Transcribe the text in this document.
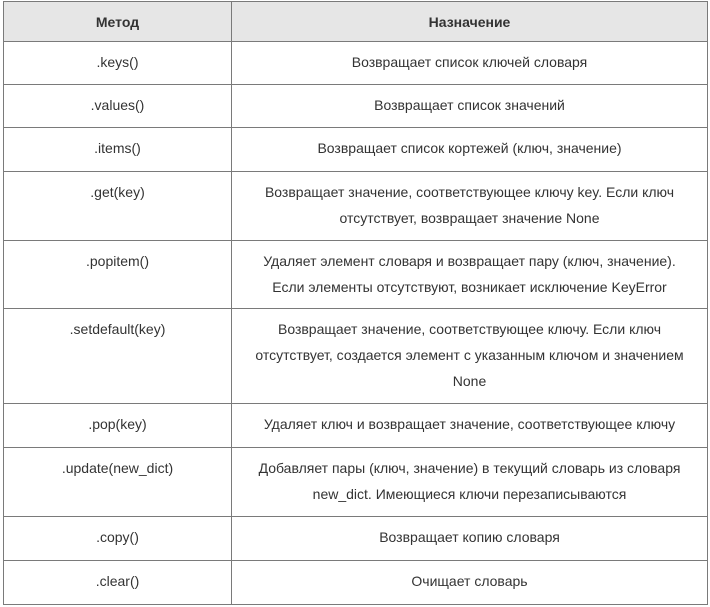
Метод	Назначение
.keys()	Возвращает список ключей словаря
.values()	Возвращает список значений
.items()	Возвращает список кортежей (ключ, значение)
.get(key)	Возвращает значение, соответствующее ключу key. Если ключ отсутствует, возвращает значение None
.popitem()	Удаляет элемент словаря и возвращает пару (ключ, значение). Если элементы отсутствуют, возникает исключение KeyError
.setdefault(key)	Возвращает значение, соответствующее ключу. Если ключ отсутствует, создается элемент с указанным ключом и значением None
.pop(key)	Удаляет ключ и возвращает значение, соответствующее ключу
.update(new_dict)	Добавляет пары (ключ, значение) в текущий словарь из словаря new_dict. Имеющиеся ключи перезаписываются
.copy()	Возвращает копию словаря
.clear()	Очищает словарь
